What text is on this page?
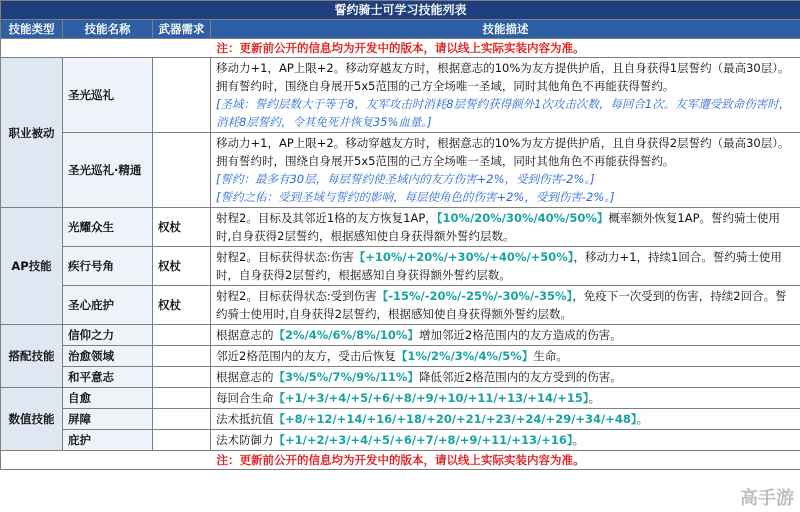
誓约骑士可学习技能列表			
技能类型	技能名称	武器需求	技能描述
注：更新前公开的信息均为开发中的版本，请以线上实际实装内容为准。			
职业被动	圣光巡礼		移动力+1，AP上限+2。移动穿越友方时，根据意志的10%为友方提供护盾，且自身获得1层誓约（最高30层）。拥有誓约时，围绕自身展开5x5范围的己方全场唯一圣域，同时其他角色不再能获得誓约。
[圣域：誓约层数大于等于8，友军攻击时消耗8层誓约获得额外1次攻击次数，每回合1次。友军遭受致命伤害时，消耗8层誓约，令其免死并恢复35%血量。]

	圣光巡礼·精通		移动力+1，AP上限+2。移动穿越友方时，根据意志的10%为友方提供护盾，且自身获得2层誓约（最高30层）。拥有誓约时，围绕自身展开5x5范围的己方全场唯一圣域，同时其他角色不再能获得誓约。
[誓约：最多有30层，每层誓约使圣域内的友方伤害+2%，受到伤害-2%。]
[誓约之佑：受到圣域与誓约的影响，每层使角色的伤害+2%，受到伤害-2%。]

AP技能	光耀众生	权杖	射程2。目标及其邻近1格的友方恢复1AP，【10%/20%/30%/40%/50%】概率额外恢复1AP。誓约骑士使用时,自身获得2层誓约，根据感知使自身获得额外誓约层数。
	疾行号角	权杖	射程2。目标获得状态:伤害【+10%/+20%/+30%/+40%/+50%】，移动力+1，持续1回合。誓约骑士使用时，自身获得2层誓约，根据感知自身获得额外誓约层数。
	圣心庇护	权杖	射程2。目标获得状态:受到伤害【-15%/-20%/-25%/-30%/-35%】，免疫下一次受到的伤害，持续2回合。誓约骑士使用时,自身获得2层誓约，根据感知使自身获得额外誓约层数。
搭配技能	信仰之力		根据意志的【2%/4%/6%/8%/10%】增加邻近2格范围内的友方造成的伤害。
	治愈领域		邻近2格范围内的友方，受击后恢复【1%/2%/3%/4%/5%】生命。
	和平意志		根据意志的【3%/5%/7%/9%/11%】降低邻近2格范围内的友方受到的伤害。
数值技能	自愈		每回合生命【+1/+3/+4/+5/+6/+8/+9/+10/+11/+13/+14/+15】。
	屏障		法术抵抗值【+8/+12/+14/+16/+18/+20/+21/+23/+24/+29/+34/+48】。
	庇护		法术防御力【+1/+2/+3/+4/+5/+6/+7/+8/+9/+11/+13/+16】。
注：更新前公开的信息均为开发中的版本，请以线上实际实装内容为准。			
高手游
